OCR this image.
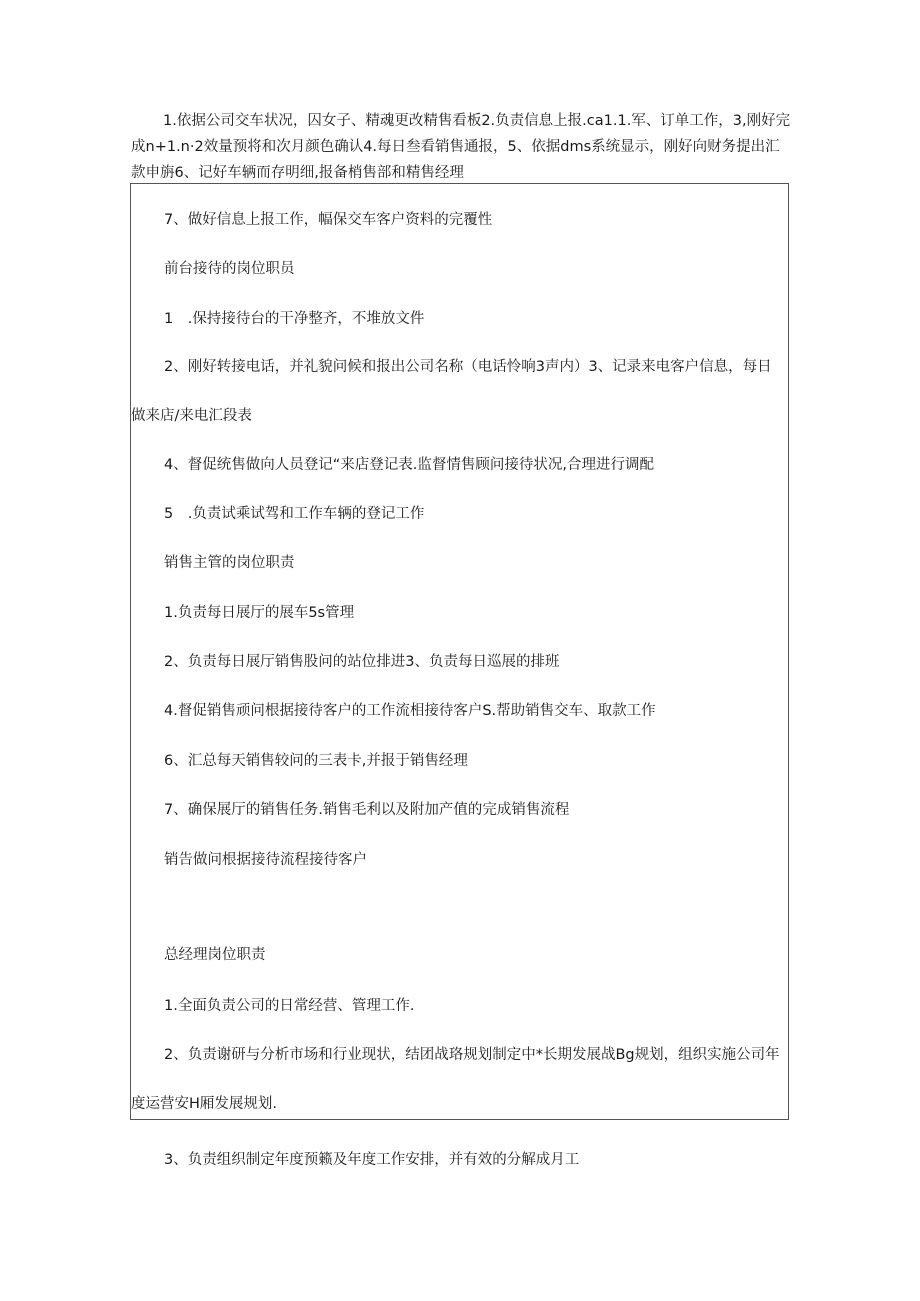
1.依据公司交车状况，囚女子、精魂更改精售看板2.负责信息上报.ca1.1.军、订单工作，3,刚好完成n+1.n·2效量预将和次月颜色确认4.每日叁看销售通报，5、依据dms系统显示，刚好向财务提出汇款申旃6、记好车辆而存明细,报备梢售部和精售经理

7、做好信息上报工作，幅保交车客户资料的完覆性

前台接待的岗位职员

1　.保持接待台的干净整齐，不堆放文件

2、刚好转接电话，并礼貌问候和报出公司名称（电话怜响3声内）3、记录来电客户信息，每日

做来店/来电汇段表

4、督促统售做向人员登记“来店登记表.监督情售顾问接待状况,合理进行调配

5　.负责试乘试驾和工作车辆的登记工作

销售主管的岗位职责

1.负责每日展厅的展车5s管理

2、负责每日展厅销售股问的站位排进3、负责每日巡展的排班

4.督促销售顽问根据接待客户的工作流相接待客户S.帮助销售交车、取款工作

6、汇总每天销售较问的三表卡,并报于销售经理

7、确保展厅的销售任务.销售毛利以及附加产值的完成销售流程

销告做问根据接待流程接待客户

总经理岗位职责

1.全面负责公司的日常经营、管理工作.

2、负责谢研与分析市场和行业现状，结团战珞规划制定中*长期发展战Bg规划，组织实施公司年

度运营安H厢发展规划.

3、负责组织制定年度预籁及年度工作安排，并有效的分解成月工
